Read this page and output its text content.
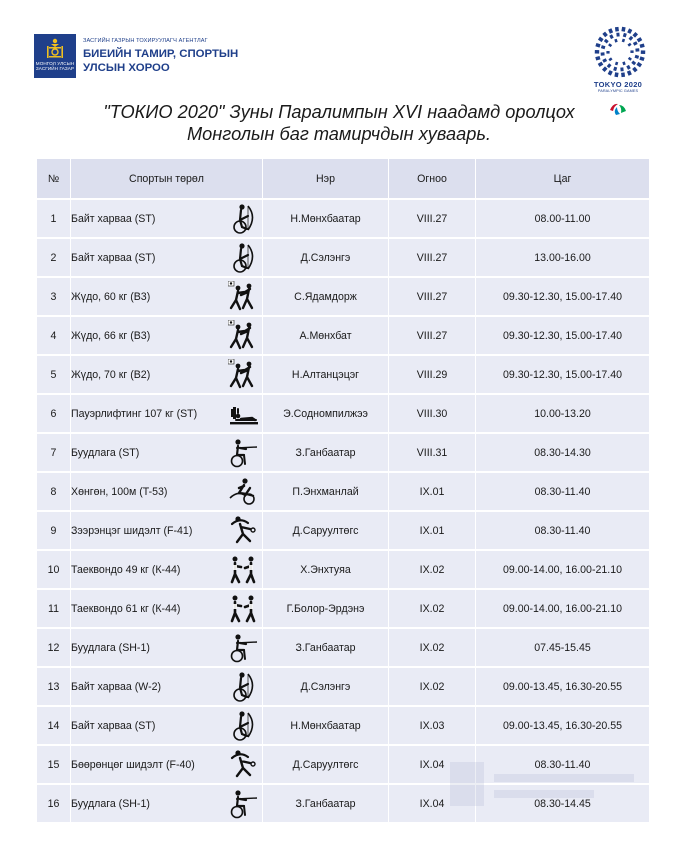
МОНГОЛ УЛСЫН ЗАСГИЙН ГАЗАР
ЗАСГИЙН ГАЗРЫН ТОХИРУУЛАГЧ АГЕНТЛАГ
БИЕИЙН ТАМИР, СПОРТЫН
УЛСЫН ХОРОО
TOKYO 2020
PARALYMPIC GAMES
"ТОКИО 2020" Зуны Паралимпын XVI наадамд оролцох
Монголын баг тамирчдын хуваарь.
№	Спортын төрөл	Нэр	Огноо	Цаг
1	Байт харваа (ST)	Н.Мөнхбаатар	VIII.27	08.00-11.00
2	Байт харваа (ST)	Д.Сэлэнгэ	VIII.27	13.00-16.00
3	Жүдо, 60 кг (B3)	С.Ядамдорж	VIII.27	09.30-12.30, 15.00-17.40
4	Жүдо, 66 кг (B3)	А.Мөнхбат	VIII.27	09.30-12.30, 15.00-17.40
5	Жүдо, 70 кг (B2)	Н.Алтанцэцэг	VIII.29	09.30-12.30, 15.00-17.40
6	Пауэрлифтинг 107 кг (ST)	Э.Содномпилжээ	VIII.30	10.00-13.20
7	Буудлага (ST)	З.Ганбаатар	VIII.31	08.30-14.30
8	Хөнгөн, 100м (T-53)	П.Энхманлай	IX.01	08.30-11.40
9	Зээрэнцэг шидэлт (F-41)	Д.Саруултөгс	IX.01	08.30-11.40
10	Таеквондо 49 кг (К-44)	Х.Энхтуяа	IX.02	09.00-14.00, 16.00-21.10
11	Таеквондо 61 кг (К-44)	Г.Болор-Эрдэнэ	IX.02	09.00-14.00, 16.00-21.10
12	Буудлага (SH-1)	З.Ганбаатар	IX.02	07.45-15.45
13	Байт харваа (W-2)	Д.Сэлэнгэ	IX.02	09.00-13.45, 16.30-20.55
14	Байт харваа (ST)	Н.Мөнхбаатар	IX.03	09.00-13.45, 16.30-20.55
15	Бөөрөнцөг шидэлт (F-40)	Д.Саруултөгс	IX.04	08.30-11.40
16	Буудлага (SH-1)	З.Ганбаатар	IX.04	08.30-14.45
